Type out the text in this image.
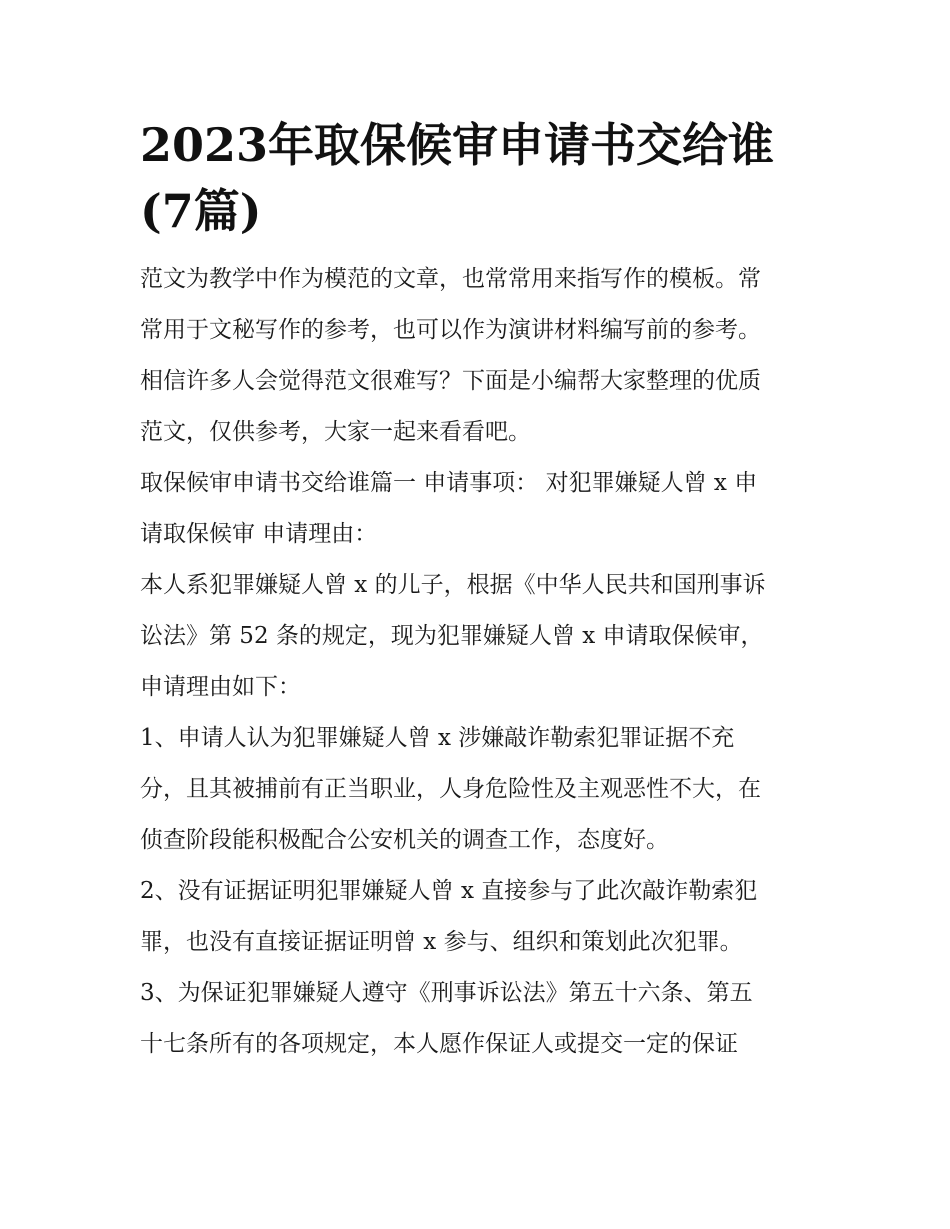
2023年取保候审申请书交给谁
(7篇)
范文为教学中作为模范的文章，也常常用来指写作的模板。常
常用于文秘写作的参考，也可以作为演讲材料编写前的参考。
相信许多人会觉得范文很难写？下面是小编帮大家整理的优质
范文，仅供参考，大家一起来看看吧。
取保候审申请书交给谁篇一 申请事项： 对犯罪嫌疑人曾 x 申
请取保候审 申请理由：
本人系犯罪嫌疑人曾 x 的儿子，根据《中华人民共和国刑事诉
讼法》第 52 条的规定，现为犯罪嫌疑人曾 x 申请取保候审，
申请理由如下：
1、申请人认为犯罪嫌疑人曾 x 涉嫌敲诈勒索犯罪证据不充
分，且其被捕前有正当职业，人身危险性及主观恶性不大，在
侦查阶段能积极配合公安机关的调查工作，态度好。
2、没有证据证明犯罪嫌疑人曾 x 直接参与了此次敲诈勒索犯
罪，也没有直接证据证明曾 x 参与、组织和策划此次犯罪。
3、为保证犯罪嫌疑人遵守《刑事诉讼法》第五十六条、第五
十七条所有的各项规定，本人愿作保证人或提交一定的保证
